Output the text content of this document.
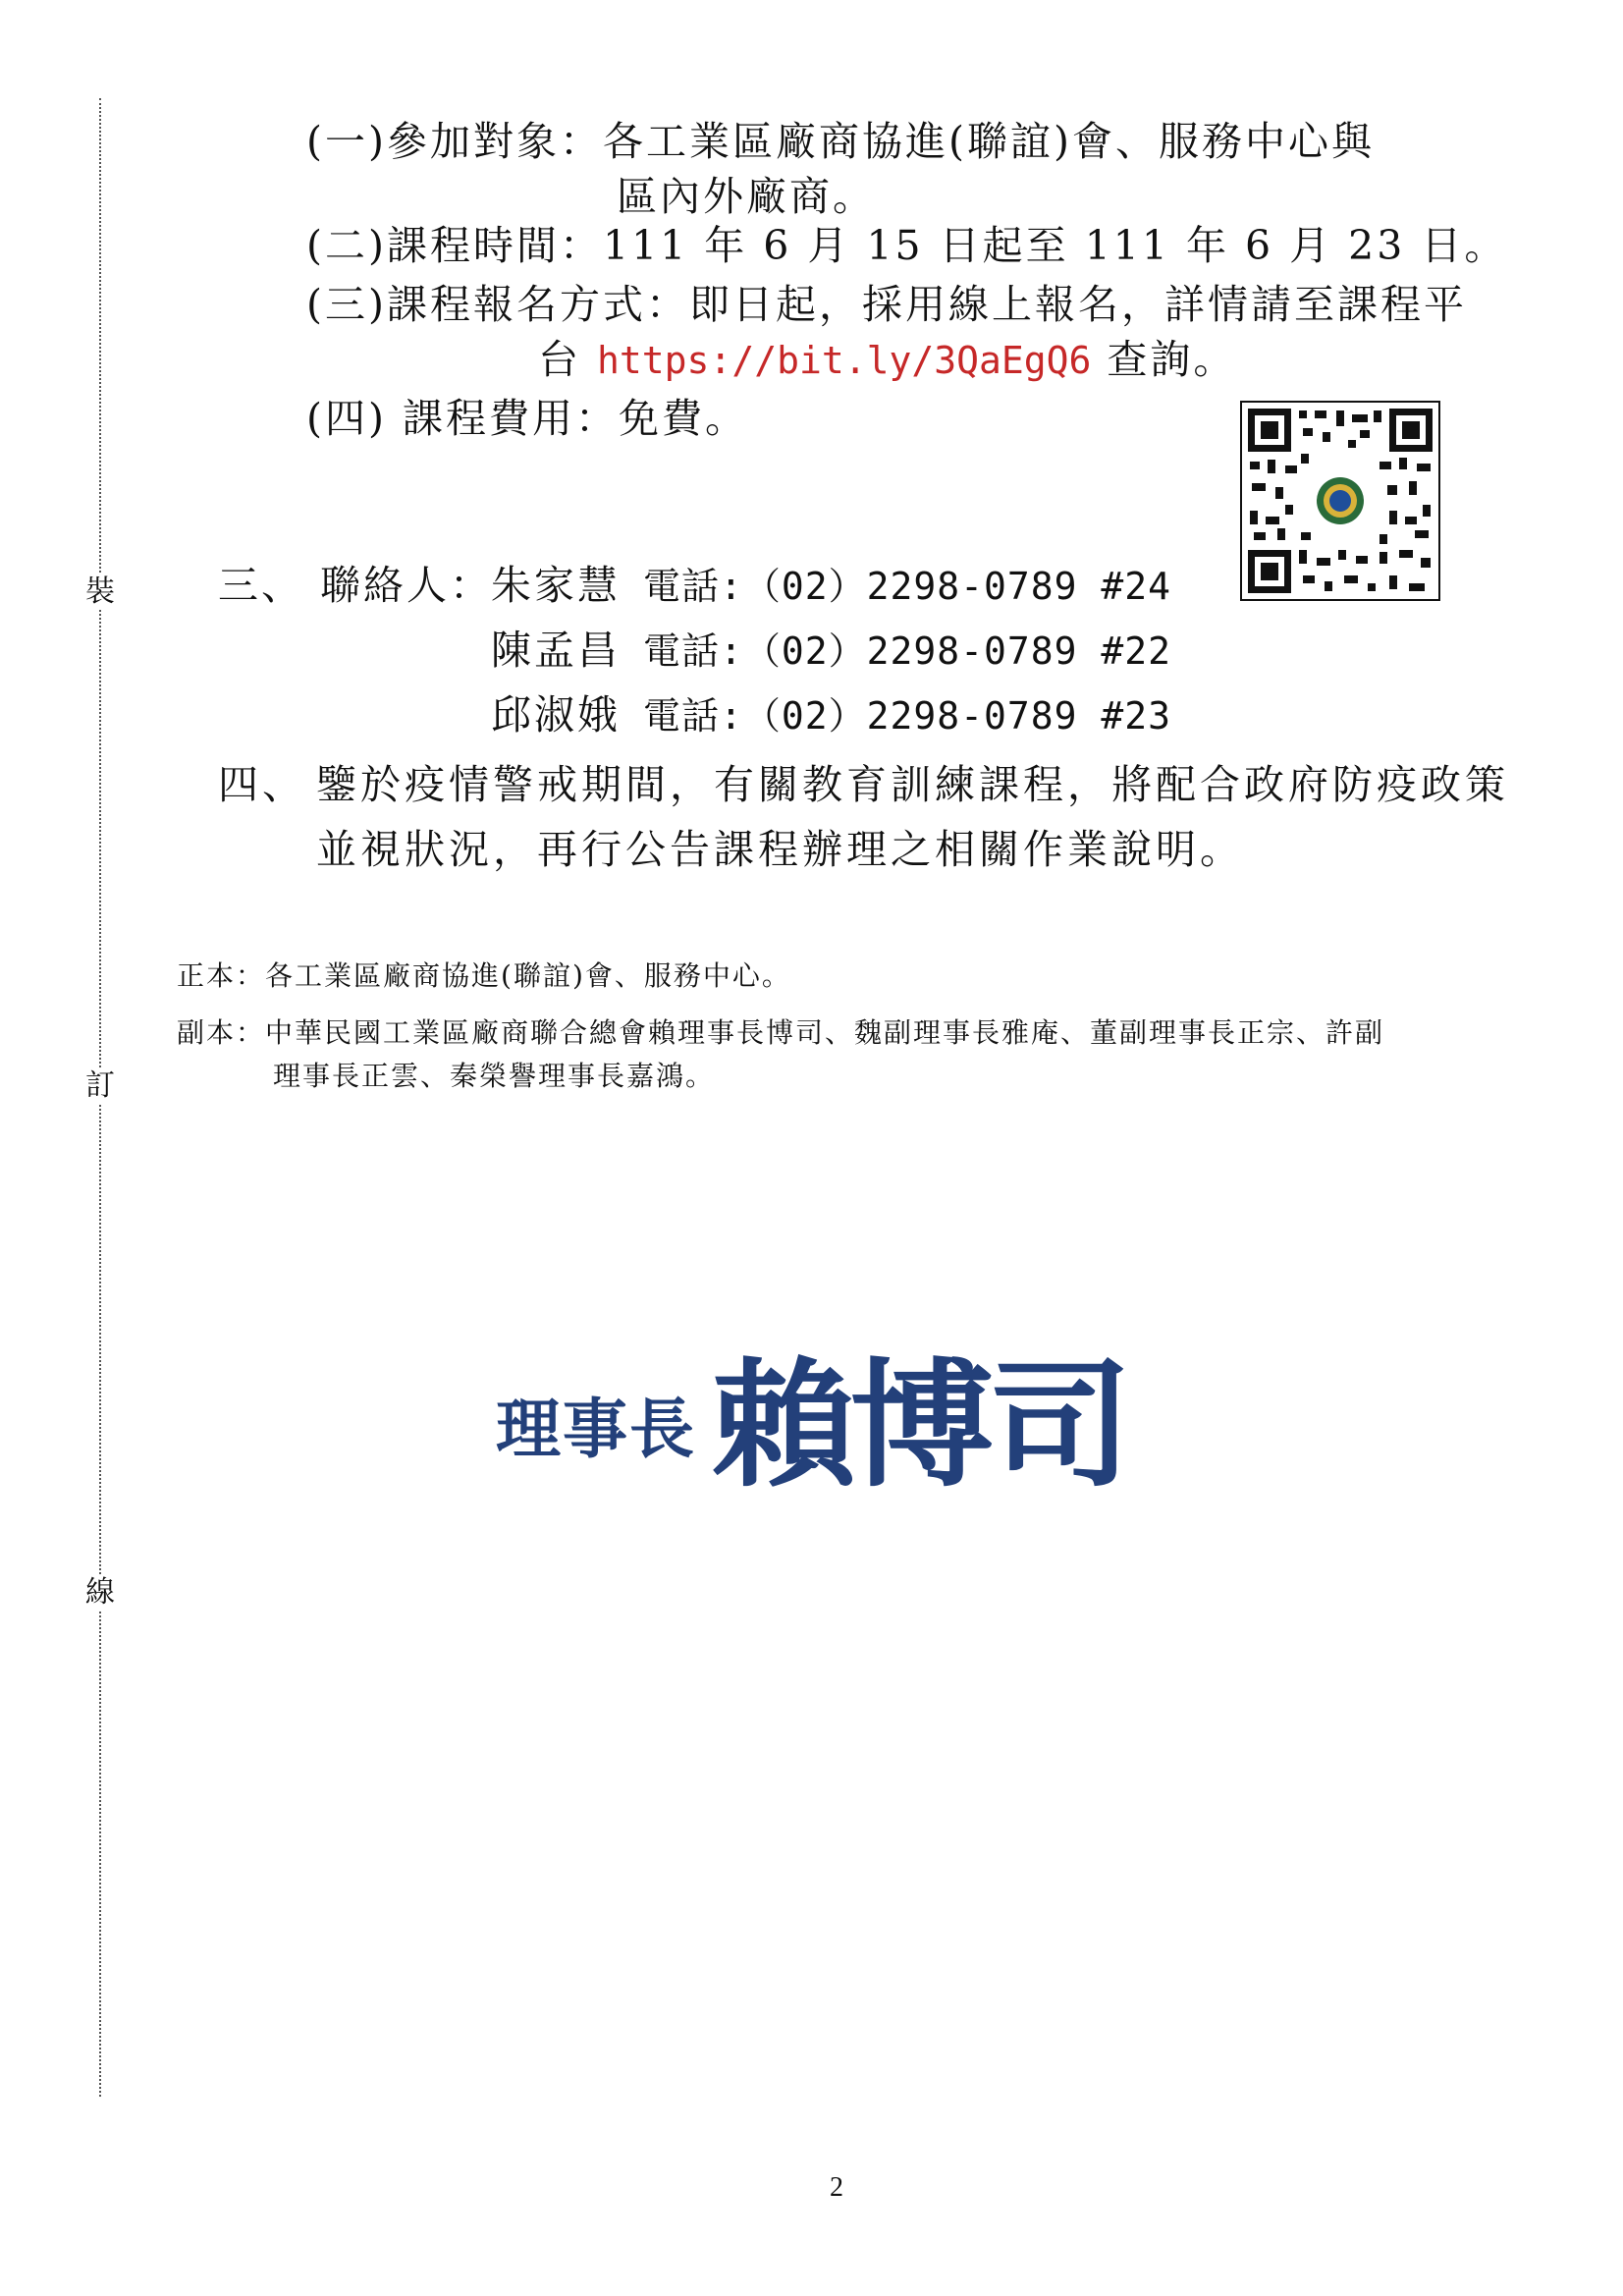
裝
訂
線
(一)參加對象：各工業區廠商協進(聯誼)會、服務中心與
區內外廠商。
(二)課程時間：111 年 6 月 15 日起至 111 年 6 月 23 日。
(三)課程報名方式：即日起，採用線上報名，詳情請至課程平
台 https://bit.ly/3QaEgQ6 查詢。
(四) 課程費用：免費。
三、 聯絡人：
朱家慧 電話:（02）2298-0789 #24
陳孟昌 電話:（02）2298-0789 #22
邱淑娥 電話:（02）2298-0789 #23
四、 鑒於疫情警戒期間，有關教育訓練課程，將配合政府防疫政策
並視狀況，再行公告課程辦理之相關作業說明。
正本：各工業區廠商協進(聯誼)會、服務中心。
副本：中華民國工業區廠商聯合總會賴理事長博司、魏副理事長雅庵、董副理事長正宗、許副
理事長正雲、秦榮譽理事長嘉鴻。
理事長 賴博司
2
